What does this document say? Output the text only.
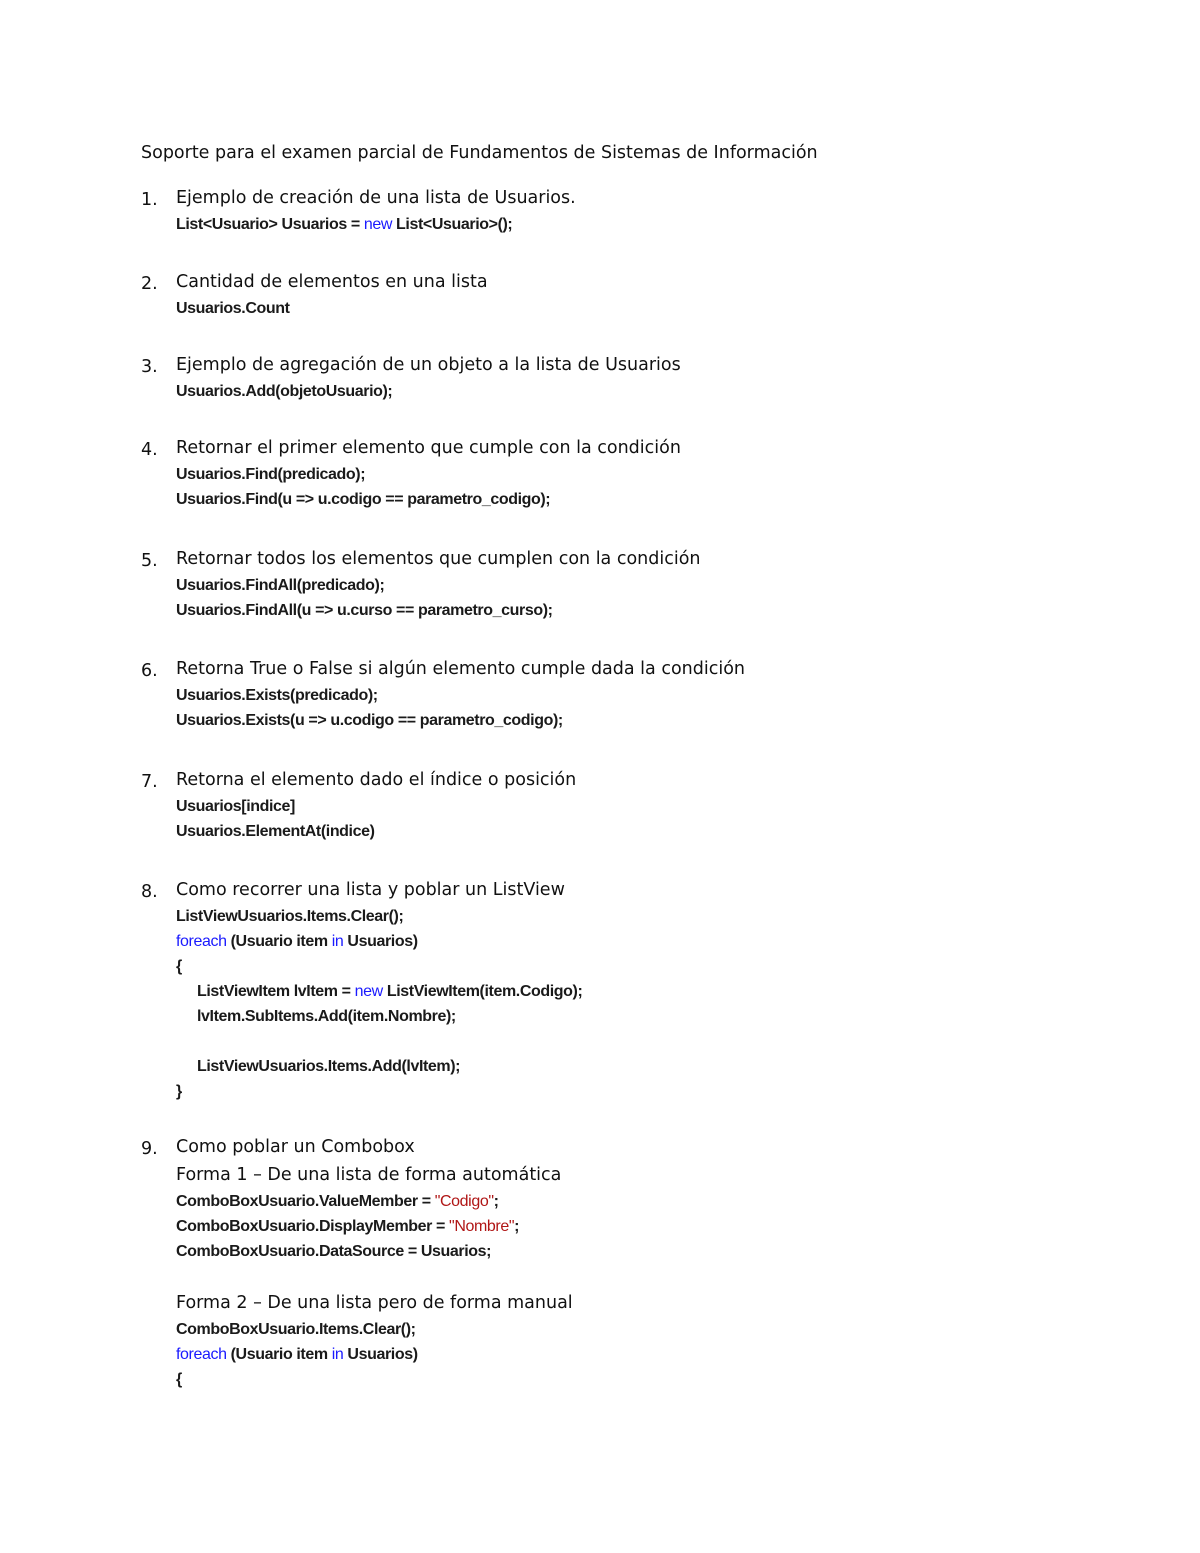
Soporte para el examen parcial de Fundamentos de Sistemas de Información
1.	Ejemplo de creación de una lista de Usuarios.
List<Usuario> Usuarios = new List<Usuario>();
2.	Cantidad de elementos en una lista
Usuarios.Count
3.	Ejemplo de agregación de un objeto a la lista de Usuarios
Usuarios.Add(objetoUsuario);
4.	Retornar el primer elemento que cumple con la condición
Usuarios.Find(predicado);
Usuarios.Find(u => u.codigo == parametro_codigo);
5.	Retornar todos los elementos que cumplen con la condición
Usuarios.FindAll(predicado);
Usuarios.FindAll(u => u.curso == parametro_curso);
6.	Retorna True o False si algún elemento cumple dada la condición
Usuarios.Exists(predicado);
Usuarios.Exists(u => u.codigo == parametro_codigo);
7.	Retorna el elemento dado el índice o posición
Usuarios[indice]
Usuarios.ElementAt(indice)
8.	Como recorrer una lista y poblar un ListView
ListViewUsuarios.Items.Clear();
foreach (Usuario item in Usuarios)
{
ListViewItem lvItem = new ListViewItem(item.Codigo);
lvItem.SubItems.Add(item.Nombre);
ListViewUsuarios.Items.Add(lvItem);
}
9.	Como poblar un Combobox
Forma 1 – De una lista de forma automática
ComboBoxUsuario.ValueMember = "Codigo";
ComboBoxUsuario.DisplayMember = "Nombre";
ComboBoxUsuario.DataSource = Usuarios;
Forma 2 – De una lista pero de forma manual
ComboBoxUsuario.Items.Clear();
foreach (Usuario item in Usuarios)
{
